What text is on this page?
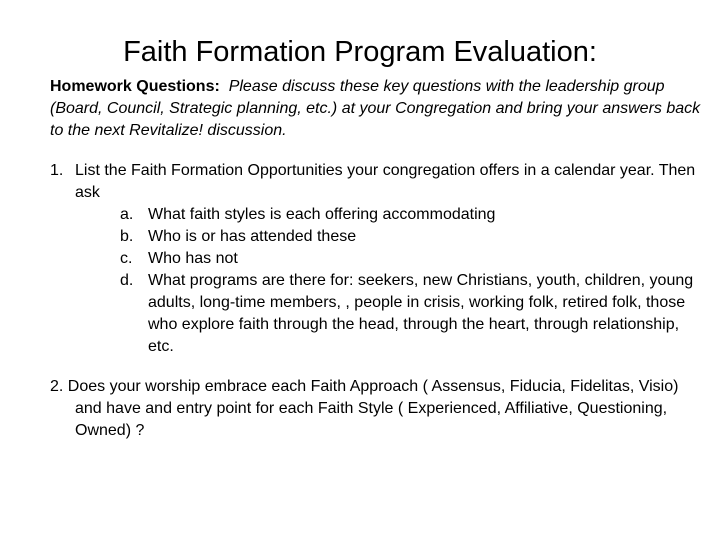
Faith Formation Program Evaluation:

Homework Questions: Please discuss these key questions with the leadership group (Board, Council, Strategic planning, etc.) at your Congregation and bring your answers back to the next Revitalize! discussion.

1. List the Faith Formation Opportunities your congregation offers in a calendar year. Then ask
a. What faith styles is each offering accommodating
b. Who is or has attended these
c. Who has not
d. What programs are there for: seekers, new Christians, youth, children, young adults, long-time members, , people in crisis, working folk, retired folk, those who explore faith through the head, through the heart, through relationship, etc.
2. Does your worship embrace each Faith Approach ( Assensus, Fiducia, Fidelitas, Visio) and have and entry point for each Faith Style ( Experienced, Affiliative, Questioning, Owned) ?
